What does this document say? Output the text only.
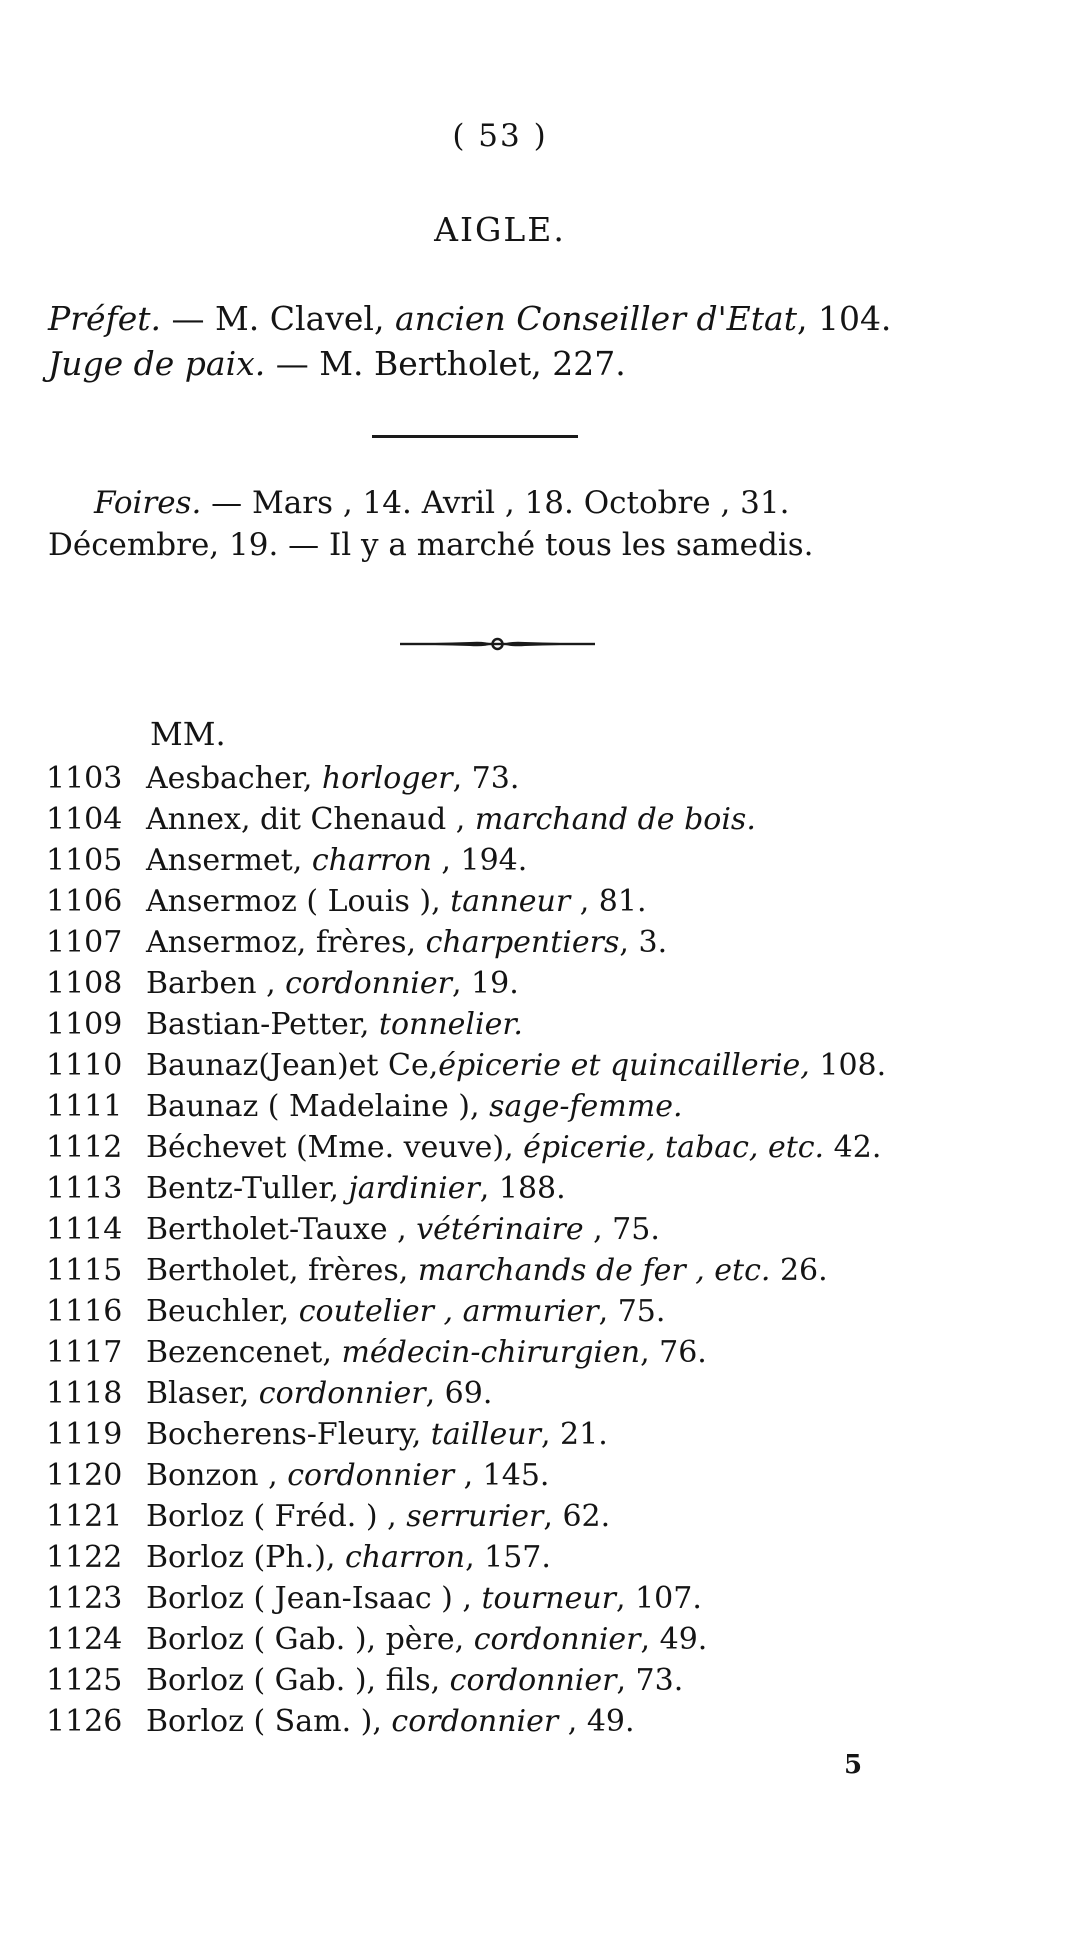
( 53 )
AIGLE.
Préfet. — M. Clavel, ancien Conseiller d'Etat, 104.
Juge de paix. — M. Bertholet, 227.
Foires. — Mars , 14. Avril , 18. Octobre , 31.
Décembre, 19. — Il y a marché tous les samedis.
MM.
1103 Aesbacher, horloger, 73.
1104 Annex, dit Chenaud , marchand de bois.
1105 Ansermet, charron , 194.
1106 Ansermoz ( Louis ), tanneur , 81.
1107 Ansermoz, frères, charpentiers, 3.
1108 Barben , cordonnier, 19.
1109 Bastian-Petter, tonnelier.
1110 Baunaz(Jean)et Ce,épicerie et quincaillerie, 108.
1111 Baunaz ( Madelaine ), sage-femme.
1112 Béchevet (Mme. veuve), épicerie, tabac, etc. 42.
1113 Bentz-Tuller, jardinier, 188.
1114 Bertholet-Tauxe , vétérinaire , 75.
1115 Bertholet, frères, marchands de fer , etc. 26.
1116 Beuchler, coutelier , armurier, 75.
1117 Bezencenet, médecin-chirurgien, 76.
1118 Blaser, cordonnier, 69.
1119 Bocherens-Fleury, tailleur, 21.
1120 Bonzon , cordonnier , 145.
1121 Borloz ( Fréd. ) , serrurier, 62.
1122 Borloz (Ph.), charron, 157.
1123 Borloz ( Jean-Isaac ) , tourneur, 107.
1124 Borloz ( Gab. ), père, cordonnier, 49.
1125 Borloz ( Gab. ), fils, cordonnier, 73.
1126 Borloz ( Sam. ), cordonnier , 49.
5
